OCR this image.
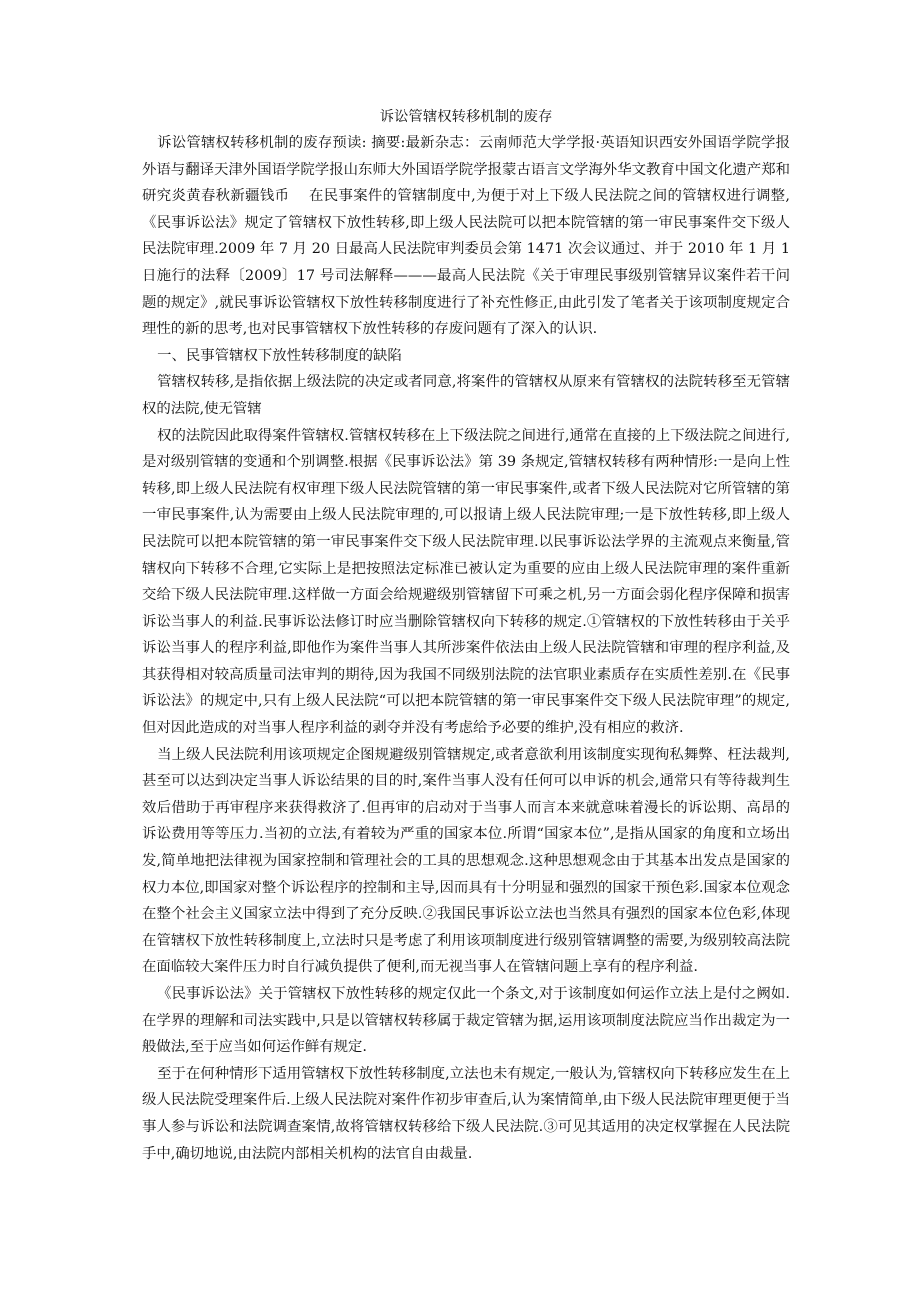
诉讼管辖权转移机制的废存

诉讼管辖权转移机制的废存预读: 摘要:最新杂志：云南师范大学学报·英语知识西安外国语学院学报外语与翻译天津外国语学院学报山东师大外国语学院学报蒙古语言文学海外华文教育中国文化遗产郑和研究炎黄春秋新疆钱币　 在民事案件的管辖制度中,为便于对上下级人民法院之间的管辖权进行调整,《民事诉讼法》规定了管辖权下放性转移,即上级人民法院可以把本院管辖的第一审民事案件交下级人民法院审理.2009 年 7 月 20 日最高人民法院审判委员会第 1471 次会议通过、并于 2010 年 1 月 1 日施行的法释〔2009〕17 号司法解释———最高人民法院《关于审理民事级别管辖异议案件若干问题的规定》,就民事诉讼管辖权下放性转移制度进行了补充性修正,由此引发了笔者关于该项制度规定合理性的新的思考,也对民事管辖权下放性转移的存废问题有了深入的认识.

一、民事管辖权下放性转移制度的缺陷

管辖权转移,是指依据上级法院的决定或者同意,将案件的管辖权从原来有管辖权的法院转移至无管辖权的法院,使无管辖

权的法院因此取得案件管辖权.管辖权转移在上下级法院之间进行,通常在直接的上下级法院之间进行,是对级别管辖的变通和个别调整.根据《民事诉讼法》第 39 条规定,管辖权转移有两种情形:一是向上性转移,即上级人民法院有权审理下级人民法院管辖的第一审民事案件,或者下级人民法院对它所管辖的第一审民事案件,认为需要由上级人民法院审理的,可以报请上级人民法院审理;一是下放性转移,即上级人民法院可以把本院管辖的第一审民事案件交下级人民法院审理.以民事诉讼法学界的主流观点来衡量,管辖权向下转移不合理,它实际上是把按照法定标准已被认定为重要的应由上级人民法院审理的案件重新交给下级人民法院审理.这样做一方面会给规避级别管辖留下可乘之机,另一方面会弱化程序保障和损害诉讼当事人的利益.民事诉讼法修订时应当删除管辖权向下转移的规定.①管辖权的下放性转移由于关乎诉讼当事人的程序利益,即他作为案件当事人其所涉案件依法由上级人民法院管辖和审理的程序利益,及其获得相对较高质量司法审判的期待,因为我国不同级别法院的法官职业素质存在实质性差别.在《民事诉讼法》的规定中,只有上级人民法院“可以把本院管辖的第一审民事案件交下级人民法院审理”的规定,但对因此造成的对当事人程序利益的剥夺并没有考虑给予必要的维护,没有相应的救济.

当上级人民法院利用该项规定企图规避级别管辖规定,或者意欲利用该制度实现徇私舞弊、枉法裁判,甚至可以达到决定当事人诉讼结果的目的时,案件当事人没有任何可以申诉的机会,通常只有等待裁判生效后借助于再审程序来获得救济了.但再审的启动对于当事人而言本来就意味着漫长的诉讼期、高昂的诉讼费用等等压力.当初的立法,有着较为严重的国家本位.所谓“国家本位”,是指从国家的角度和立场出发,简单地把法律视为国家控制和管理社会的工具的思想观念.这种思想观念由于其基本出发点是国家的权力本位,即国家对整个诉讼程序的控制和主导,因而具有十分明显和强烈的国家干预色彩.国家本位观念在整个社会主义国家立法中得到了充分反映.②我国民事诉讼立法也当然具有强烈的国家本位色彩,体现在管辖权下放性转移制度上,立法时只是考虑了利用该项制度进行级别管辖调整的需要,为级别较高法院在面临较大案件压力时自行减负提供了便利,而无视当事人在管辖问题上享有的程序利益.

《民事诉讼法》关于管辖权下放性转移的规定仅此一个条文,对于该制度如何运作立法上是付之阙如.在学界的理解和司法实践中,只是以管辖权转移属于裁定管辖为据,运用该项制度法院应当作出裁定为一般做法,至于应当如何运作鲜有规定.

至于在何种情形下适用管辖权下放性转移制度,立法也未有规定,一般认为,管辖权向下转移应发生在上级人民法院受理案件后.上级人民法院对案件作初步审查后,认为案情简单,由下级人民法院审理更便于当事人参与诉讼和法院调查案情,故将管辖权转移给下级人民法院.③可见其适用的决定权掌握在人民法院手中,确切地说,由法院内部相关机构的法官自由裁量.
